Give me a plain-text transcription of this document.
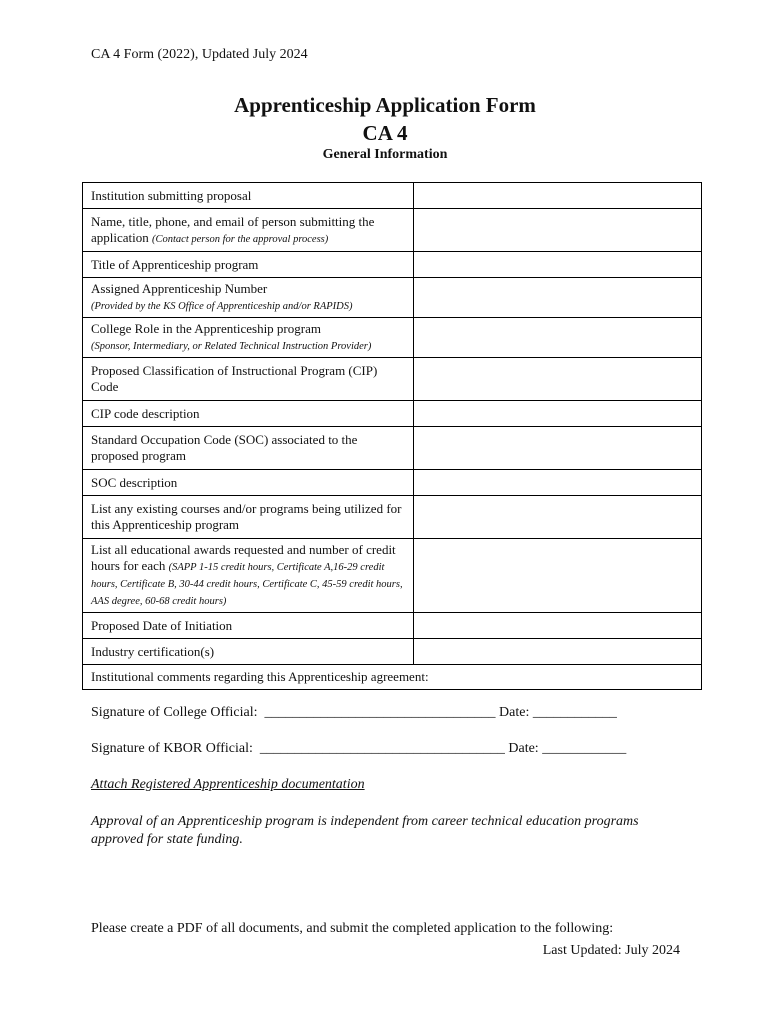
CA 4 Form (2022), Updated July 2024
Apprenticeship Application Form
CA 4
General Information
Institution submitting proposal	
Name, title, phone, and email of person submitting the application (Contact person for the approval process)	
Title of Apprenticeship program	
Assigned Apprenticeship Number
(Provided by the KS Office of Apprenticeship and/or RAPIDS)	
College Role in the Apprenticeship program
(Sponsor, Intermediary, or Related Technical Instruction Provider)	
Proposed Classification of Instructional Program (CIP) Code	
CIP code description	
Standard Occupation Code (SOC) associated to the proposed program	
SOC description	
List any existing courses and/or programs being utilized for this Apprenticeship program	
List all educational awards requested and number of credit hours for each (SAPP 1-15 credit hours, Certificate A,16-29 credit hours, Certificate B, 30-44 credit hours, Certificate C, 45-59 credit hours, AAS degree, 60-68 credit hours)	
Proposed Date of Initiation	
Industry certification(s)	
Institutional comments regarding this Apprenticeship agreement:	
Signature of College Official:  _________________________________ Date: ____________
Signature of KBOR Official:  ___________________________________ Date: ____________
Attach Registered Apprenticeship documentation
Approval of an Apprenticeship program is independent from career technical education programs approved for state funding.
Please create a PDF of all documents, and submit the completed application to the following:
Last Updated: July 2024
